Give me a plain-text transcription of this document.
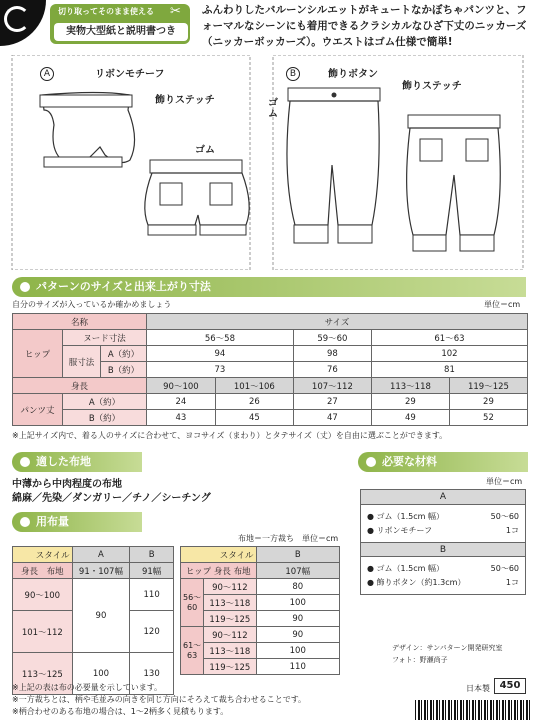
切り取ってそのまま使える ✂
実物大型紙と説明書つき
ふんわりしたバルーンシルエットがキュートなかぼちゃパンツと、フォーマルなシーンにも着用できるクラシカルなひざ下丈のニッカーズ（ニッカーボッカーズ）。ウエストはゴム仕様で簡単!
A	リボンモチーフ
飾りステッチ
ゴム
B	飾りボタン
ゴム
飾りステッチ
パターンのサイズと出来上がり寸法
自分のサイズが入っているか確かめましょう	単位＝cm
名称			サイズ				
ヒップ	ヌード寸法		56〜58		59〜60	61〜63	
	服寸法	A（約）	94		98	102	
		B（約）	73		76	81	
身長			90〜100	101〜106	107〜112	113〜118	119〜125
パンツ丈	A（約）		24	26	27	29	29
	B（約）		43	45	47	49	52
※上記サイズ内で、着る人のサイズに合わせて、ヨコサイズ（まわり）とタテサイズ（丈）を自由に選ぶことができます。
適した布地
中薄から中肉程度の布地
綿麻／先染／ダンガリー／チノ／シーチング
必要な材料
単位＝cm
A
● ゴム（1.5cm 幅）	50〜60
● リボンモチーフ	1コ
B
● ゴム（1.5cm 幅）	50〜60
● 飾りボタン（約1.3cm）	1コ
用布量
布地＝一方裁ち　単位＝cm
スタイル	A	B
身長　 布地	91・107幅	91幅
90〜100	90	110
101〜112		120
113〜125	100	130
スタイル		B
ヒップ 身長 布地		107幅
56〜60	90〜112	80
	113〜118	100
	119〜125	90
61〜63	90〜112	90
	113〜118	100
	119〜125	110
※上記の表は布の必要量を示しています。
※一方裁ちとは、柄や毛並みの向きを同じ方向にそろえて裁ち合わせることです。
※柄合わせのある布地の場合は、1〜2柄多く見積もります。
デザイン：サンパターン開発研究室
フォト：野瀬尚子
日本製 450
